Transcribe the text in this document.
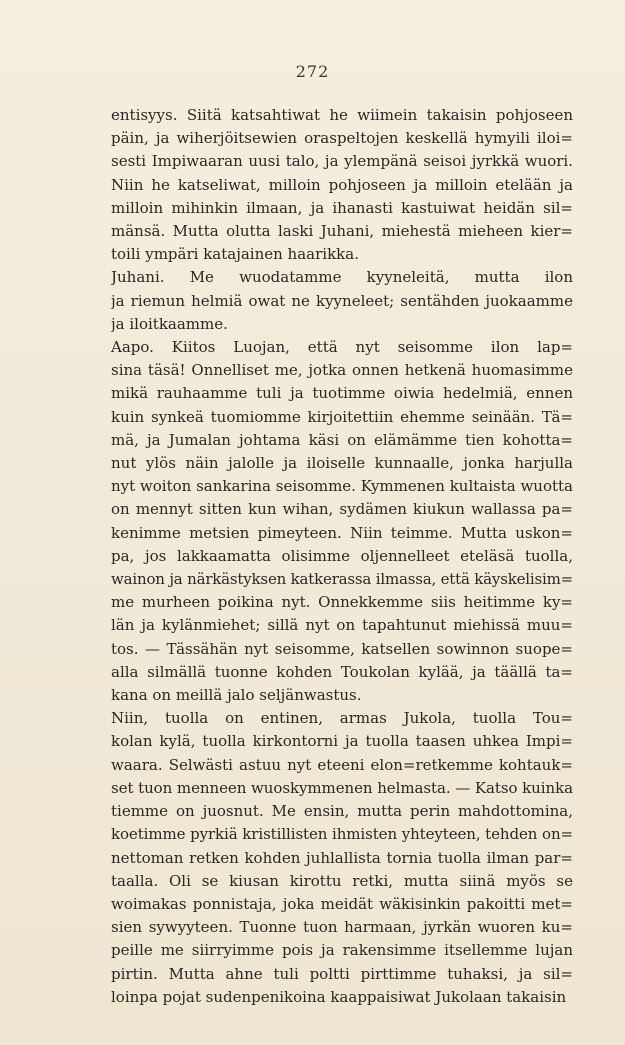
272

entisyys. Siitä katsahtiwat he wiimein takaisin pohjoseen
päin, ja wiherjöitsewien oraspeltojen keskellä hymyili iloi=
sesti Impiwaaran uusi talo, ja ylempänä seisoi jyrkkä wuori.
Niin he katseliwat, milloin pohjoseen ja milloin etelään ja
milloin mihinkin ilmaan, ja ihanasti kastuiwat heidän sil=
mänsä. Mutta olutta laski Juhani, miehestä mieheen kier=
toili ympäri katajainen haarikka.

Juhani. Me wuodatamme kyyneleitä, mutta ilon
ja riemun helmiä owat ne kyyneleet; sentähden juokaamme
ja iloitkaamme.

Aapo. Kiitos Luojan, että nyt seisomme ilon lap=
sina täsä! Onnelliset me, jotka onnen hetkenä huomasimme
mikä rauhaamme tuli ja tuotimme oiwia hedelmiä, ennen
kuin synkeä tuomiomme kirjoitettiin ehemme seinään. Tä=
mä, ja Jumalan johtama käsi on elämämme tien kohotta=
nut ylös näin jalolle ja iloiselle kunnaalle, jonka harjulla
nyt woiton sankarina seisomme. Kymmenen kultaista wuotta
on mennyt sitten kun wihan, sydämen kiukun wallassa pa=
kenimme metsien pimeyteen. Niin teimme. Mutta uskon=
pa, jos lakkaamatta olisimme oljennelleet eteläsä tuolla,
wainon ja närkästyksen katkerassa ilmassa, että käyskelisim=
me murheen poikina nyt. Onnekkemme siis heitimme ky=
län ja kylänmiehet; sillä nyt on tapahtunut miehissä muu=
tos. — Tässähän nyt seisomme, katsellen sowinnon suope=
alla silmällä tuonne kohden Toukolan kylää, ja täällä ta=
kana on meillä jalo seljänwastus.

Niin, tuolla on entinen, armas Jukola, tuolla Tou=
kolan kylä, tuolla kirkontorni ja tuolla taasen uhkea Impi=
waara. Selwästi astuu nyt eteeni elon=retkemme kohtauk=
set tuon menneen wuoskymmenen helmasta. — Katso kuinka
tiemme on juosnut. Me ensin, mutta perin mahdottomina,
koetimme pyrkiä kristillisten ihmisten yhteyteen, tehden on=
nettoman retken kohden juhlallista tornia tuolla ilman par=
taalla. Oli se kiusan kirottu retki, mutta siinä myös se
woimakas ponnistaja, joka meidät wäkisinkin pakoitti met=
sien sywyyteen. Tuonne tuon harmaan, jyrkän wuoren ku=
peille me siirryimme pois ja rakensimme itsellemme lujan
pirtin. Mutta ahne tuli poltti pirttimme tuhaksi, ja sil=
loinpa pojat sudenpenikoina kaappaisiwat Jukolaan takaisin
